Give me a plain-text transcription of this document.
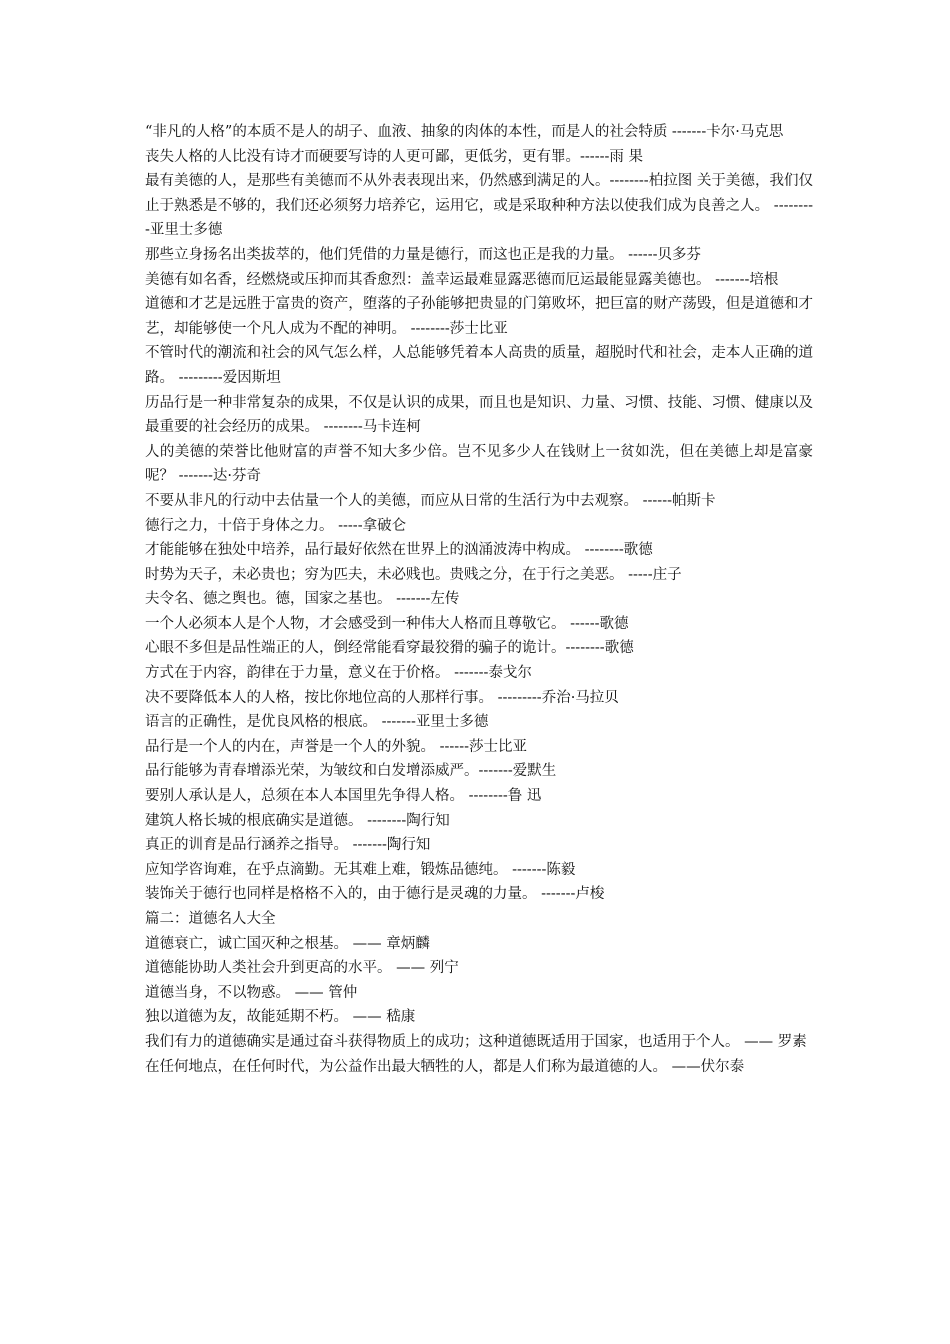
“非凡的人格”的本质不是人的胡子、血液、抽象的肉体的本性，而是人的社会特质 -------卡尔·马克思

丧失人格的人比没有诗才而硬要写诗的人更可鄙，更低劣，更有罪。------雨 果

最有美德的人，是那些有美德而不从外表表现出来，仍然感到满足的人。--------柏拉图 关于美德，我们仅止于熟悉是不够的，我们还必须努力培养它，运用它，或是采取种种方法以使我们成为良善之人。 ---------亚里士多德

那些立身扬名出类拔萃的，他们凭借的力量是德行，而这也正是我的力量。 ------贝多芬

美德有如名香，经燃烧或压抑而其香愈烈：盖幸运最难显露恶德而厄运最能显露美德也。 -------培根

道德和才艺是远胜于富贵的资产，堕落的子孙能够把贵显的门第败坏，把巨富的财产荡毁，但是道德和才艺，却能够使一个凡人成为不配的神明。 --------莎士比亚

不管时代的潮流和社会的风气怎么样，人总能够凭着本人高贵的质量，超脱时代和社会，走本人正确的道路。 ---------爱因斯坦

历品行是一种非常复杂的成果，不仅是认识的成果，而且也是知识、力量、习惯、技能、习惯、健康以及最重要的社会经历的成果。 --------马卡连柯

人的美德的荣誉比他财富的声誉不知大多少倍。岂不见多少人在钱财上一贫如洗，但在美德上却是富豪呢？ -------达·芬奇

不要从非凡的行动中去估量一个人的美德，而应从日常的生活行为中去观察。 ------帕斯卡

德行之力，十倍于身体之力。 -----拿破仑

才能能够在独处中培养，品行最好依然在世界上的汹涌波涛中构成。 --------歌德

时势为天子，未必贵也；穷为匹夫，未必贱也。贵贱之分，在于行之美恶。 -----庄子

夫令名、德之舆也。德，国家之基也。 -------左传

一个人必须本人是个人物，才会感受到一种伟大人格而且尊敬它。 ------歌德

心眼不多但是品性端正的人，倒经常能看穿最狡猾的骗子的诡计。--------歌德

方式在于内容，韵律在于力量，意义在于价格。 -------泰戈尔

决不要降低本人的人格，按比你地位高的人那样行事。 ---------乔治·马拉贝

语言的正确性，是优良风格的根底。 -------亚里士多德

品行是一个人的内在，声誉是一个人的外貌。 ------莎士比亚

品行能够为青春增添光荣，为皱纹和白发增添威严。-------爱默生

要别人承认是人，总须在本人本国里先争得人格。 --------鲁 迅

建筑人格长城的根底确实是道德。 --------陶行知

真正的训育是品行涵养之指导。 -------陶行知

应知学咨询难，在乎点滴勤。无其难上难，锻炼品德纯。 -------陈毅

装饰关于德行也同样是格格不入的，由于德行是灵魂的力量。 -------卢梭

篇二：道德名人大全

道德衰亡，诚亡国灭种之根基。 —— 章炳麟

道德能协助人类社会升到更高的水平。 —— 列宁

道德当身，不以物惑。 —— 管仲

独以道德为友，故能延期不朽。 —— 嵇康

我们有力的道德确实是通过奋斗获得物质上的成功；这种道德既适用于国家，也适用于个人。 —— 罗素

在任何地点，在任何时代，为公益作出最大牺牲的人，都是人们称为最道德的人。 ——伏尔泰
